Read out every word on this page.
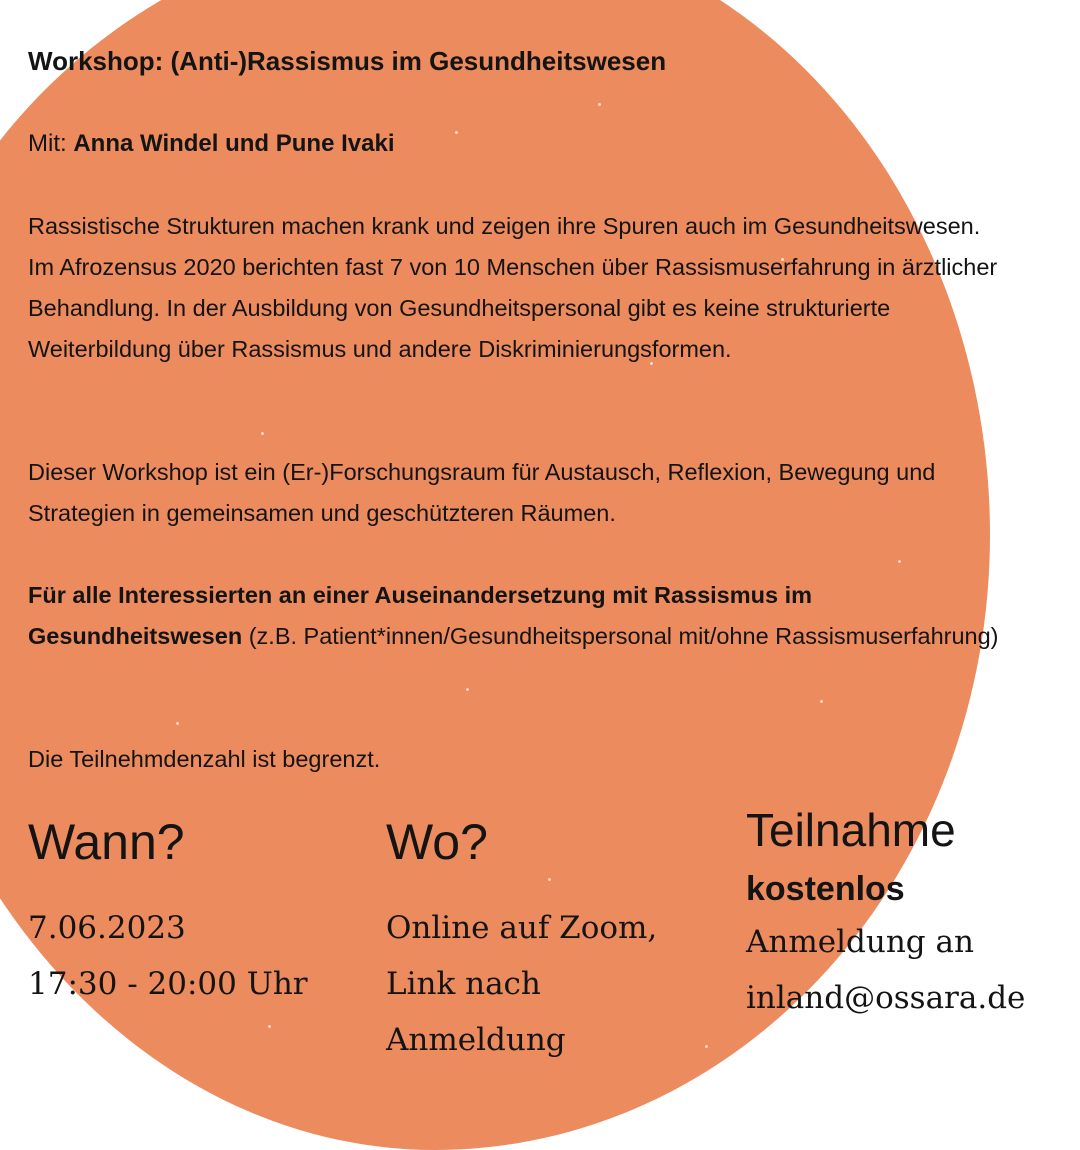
Workshop: (Anti-)Rassismus im Gesundheitswesen
Mit: Anna Windel und Pune Ivaki
Rassistische Strukturen machen krank und zeigen ihre Spuren auch im Gesundheitswesen. Im Afrozensus 2020 berichten fast 7 von 10 Menschen über Rassismuserfahrung in ärztlicher Behandlung. In der Ausbildung von Gesundheitspersonal gibt es keine strukturierte Weiterbildung über Rassismus und andere Diskriminierungsformen.
Dieser Workshop ist ein (Er-)Forschungsraum für Austausch, Reflexion, Bewegung und Strategien in gemeinsamen und geschützteren Räumen.
Für alle Interessierten an einer Auseinandersetzung mit Rassismus im Gesundheitswesen (z.B. Patient*innen/Gesundheitspersonal mit/ohne Rassismuserfahrung)
Die Teilnehmdenzahl ist begrenzt.
Wann?
7.06.2023
17:30 - 20:00 Uhr
Wo?
Online auf Zoom,
Link nach
Anmeldung
Teilnahme
kostenlos
Anmeldung an
inland@ossara.de
